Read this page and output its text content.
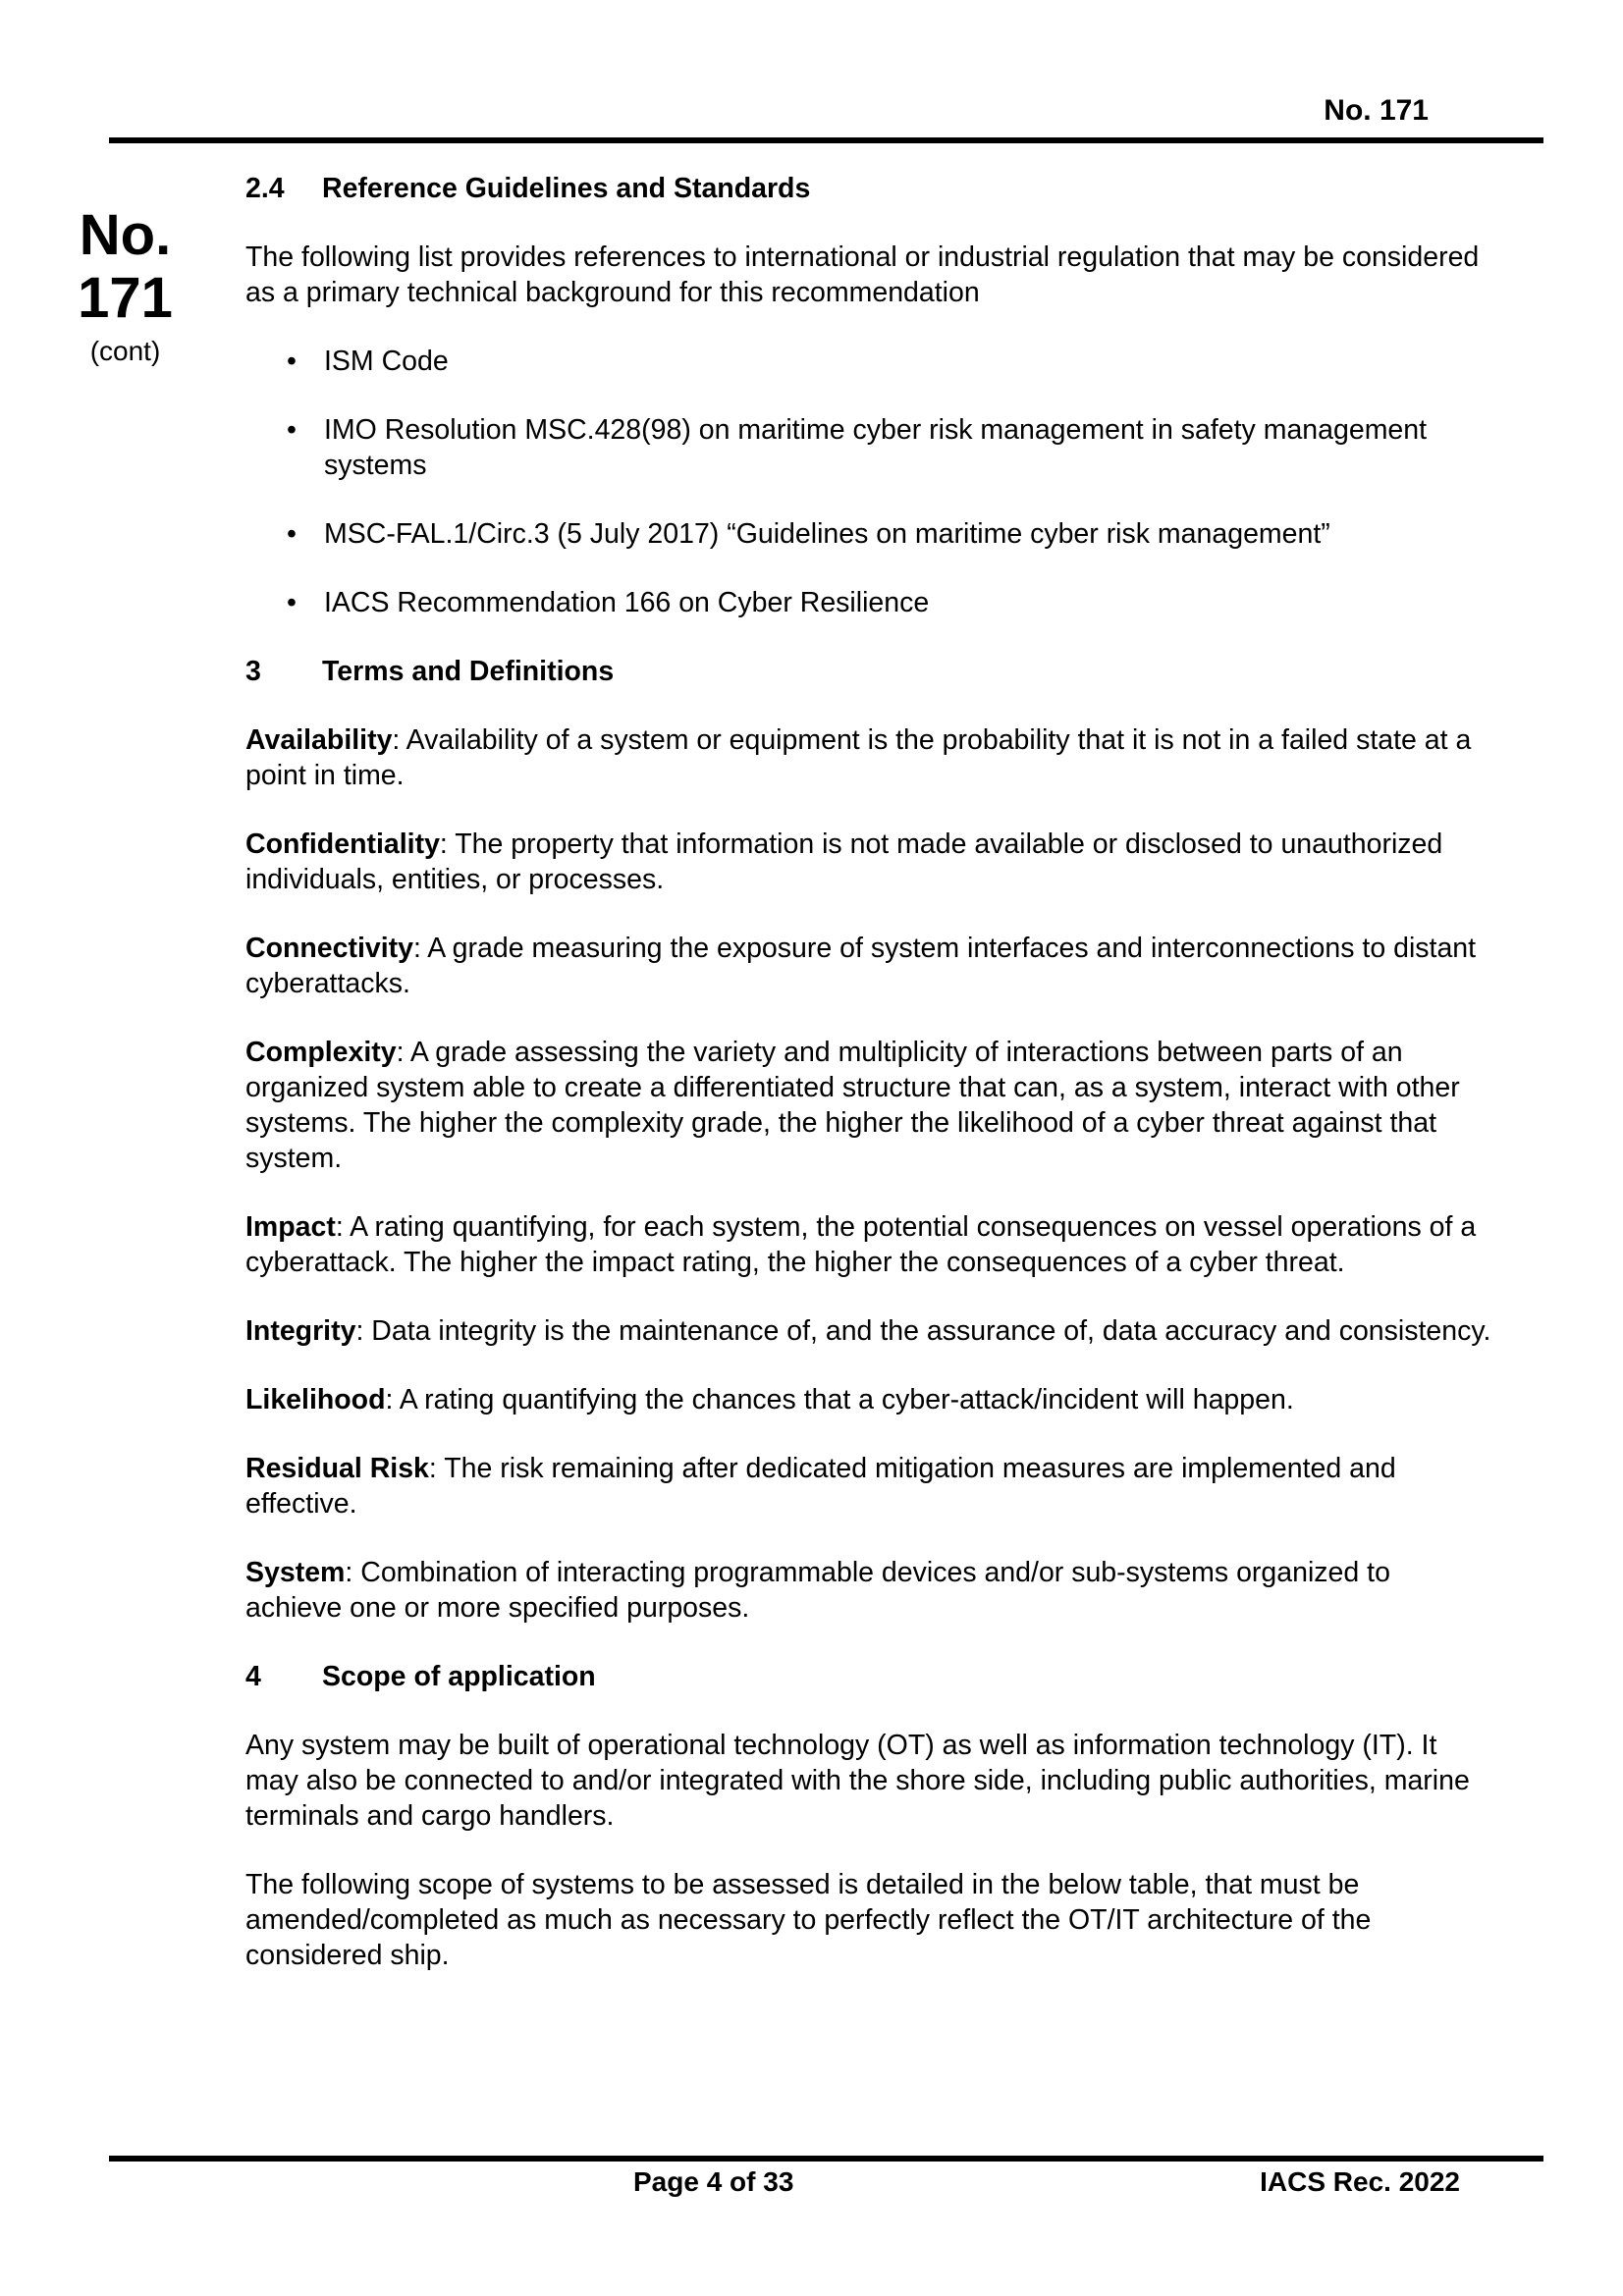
No. 171
No.
171
(cont)
2.4 Reference Guidelines and Standards
The following list provides references to international or industrial regulation that may be considered as a primary technical background for this recommendation
• ISM Code
• IMO Resolution MSC.428(98) on maritime cyber risk management in safety management systems
• MSC-FAL.1/Circ.3 (5 July 2017) “Guidelines on maritime cyber risk management”
• IACS Recommendation 166 on Cyber Resilience
3 Terms and Definitions
Availability: Availability of a system or equipment is the probability that it is not in a failed state at a point in time.
Confidentiality: The property that information is not made available or disclosed to unauthorized individuals, entities, or processes.
Connectivity: A grade measuring the exposure of system interfaces and interconnections to distant cyberattacks.
Complexity: A grade assessing the variety and multiplicity of interactions between parts of an organized system able to create a differentiated structure that can, as a system, interact with other systems. The higher the complexity grade, the higher the likelihood of a cyber threat against that system.
Impact: A rating quantifying, for each system, the potential consequences on vessel operations of a cyberattack. The higher the impact rating, the higher the consequences of a cyber threat.
Integrity: Data integrity is the maintenance of, and the assurance of, data accuracy and consistency.
Likelihood: A rating quantifying the chances that a cyber-attack/incident will happen.
Residual Risk: The risk remaining after dedicated mitigation measures are implemented and effective.
System: Combination of interacting programmable devices and/or sub-systems organized to achieve one or more specified purposes.
4 Scope of application
Any system may be built of operational technology (OT) as well as information technology (IT). It may also be connected to and/or integrated with the shore side, including public authorities, marine terminals and cargo handlers.
The following scope of systems to be assessed is detailed in the below table, that must be amended/completed as much as necessary to perfectly reflect the OT/IT architecture of the considered ship.
Page 4 of 33	IACS Rec. 2022
